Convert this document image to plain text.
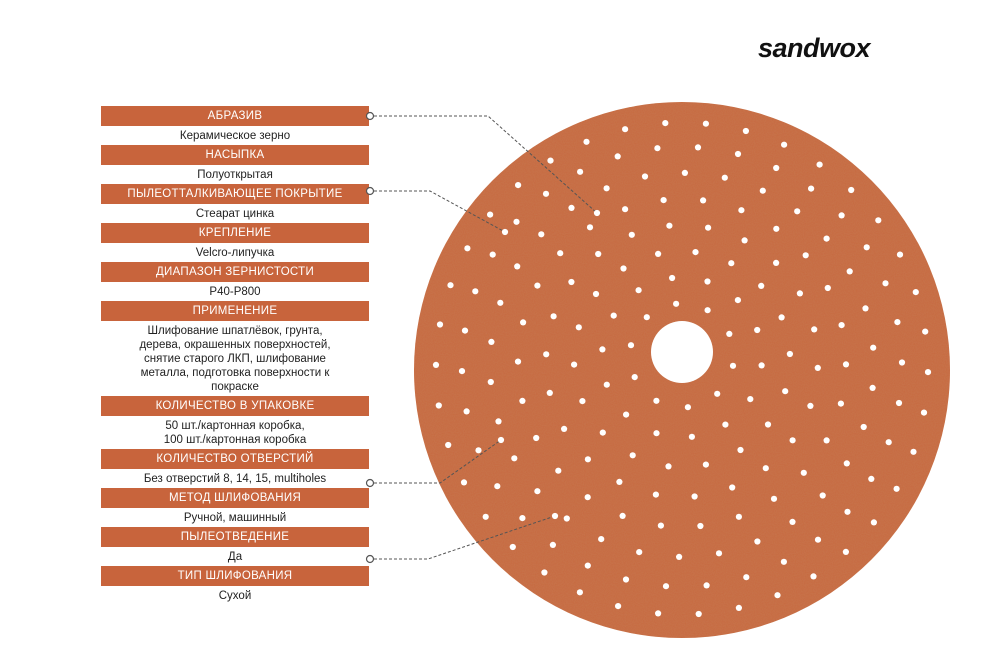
sandwox
АБРАЗИВ
Керамическое зерно
НАСЫПКА
Полуоткрытая
ПЫЛЕОТТАЛКИВАЮЩЕЕ ПОКРЫТИЕ
Стеарат цинка
КРЕПЛЕНИЕ
Velcro-липучка
ДИАПАЗОН ЗЕРНИСТОСТИ
P40-P800
ПРИМЕНЕНИЕ
Шлифование шпатлёвок, грунта,
дерева, окрашенных поверхностей,
снятие старого ЛКП, шлифование
металла, подготовка поверхности к
покраске
КОЛИЧЕСТВО В УПАКОВКЕ
50 шт./картонная коробка,
100 шт./картонная коробка
КОЛИЧЕСТВО ОТВЕРСТИЙ
Без отверстий 8, 14, 15, multiholes
МЕТОД ШЛИФОВАНИЯ
Ручной, машинный
ПЫЛЕОТВЕДЕНИЕ
Да
ТИП ШЛИФОВАНИЯ
Сухой
